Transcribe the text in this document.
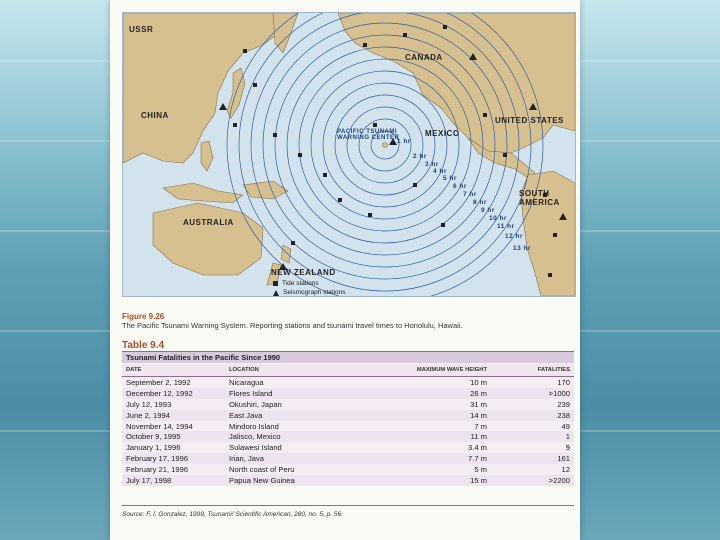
USSR
CANADA
CHINA
AUSTRALIA
UNITED STATES
MEXICO
SOUTH AMERICA
NEW ZEALAND
PACIFIC TSUNAMI WARNING CENTER
1 hr
2 hr
3 hr
4 hr
5 hr
6 hr
7 hr
8 hr
9 hr
10 hr
11 hr
12 hr
13 hr
Tide stations
Seismograph stations
Figure 9.26
The Pacific Tsunami Warning System. Reporting stations and tsunami travel times to Honolulu, Hawaii.
Table 9.4
Tsunami Fatalities in the Pacific Since 1990
DATE	LOCATION	MAXIMUM WAVE HEIGHT	FATALITIES
September 2, 1992	Nicaragua	10 m	170
December 12, 1992	Flores Island	26 m	>1000
July 12, 1993	Okushiri, Japan	31 m	239
June 2, 1994	East Java	14 m	238
November 14, 1994	Mindoro Island	7 m	49
October 9, 1995	Jalisco, Mexico	11 m	1
January 1, 1996	Sulawesi Island	3.4 m	9
February 17, 1996	Irian, Java	7.7 m	161
February 21, 1996	North coast of Peru	5 m	12
July 17, 1998	Papua New Guinea	15 m	>2200
Source: F. I. Gonzalez, 1999, Tsunami! Scientific American, 280, no. 5, p. 56.
